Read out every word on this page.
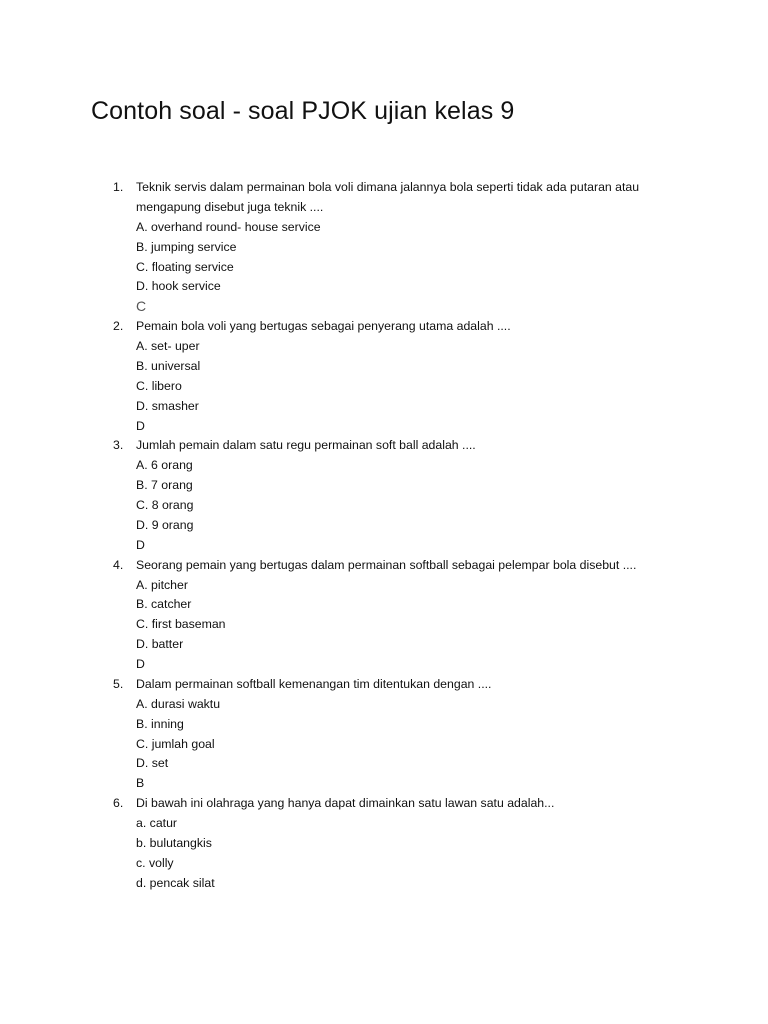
Contoh soal - soal PJOK ujian kelas 9
1. Teknik servis dalam permainan bola voli dimana jalannya bola seperti tidak ada putaran atau
mengapung disebut juga teknik ....
A. overhand round- house service
B. jumping service
C. floating service
D. hook service
C
2. Pemain bola voli yang bertugas sebagai penyerang utama adalah ....
A. set- uper
B. universal
C. libero
D. smasher
D
3. Jumlah pemain dalam satu regu permainan soft ball adalah ....
A. 6 orang
B. 7 orang
C. 8 orang
D. 9 orang
D
4. Seorang pemain yang bertugas dalam permainan softball sebagai pelempar bola disebut ....
A. pitcher
B. catcher
C. first baseman
D. batter
D
5. Dalam permainan softball kemenangan tim ditentukan dengan ....
A. durasi waktu
B. inning
C. jumlah goal
D. set
B
6. Di bawah ini olahraga yang hanya dapat dimainkan satu lawan satu adalah...
a. catur
b. bulutangkis
c. volly
d. pencak silat
